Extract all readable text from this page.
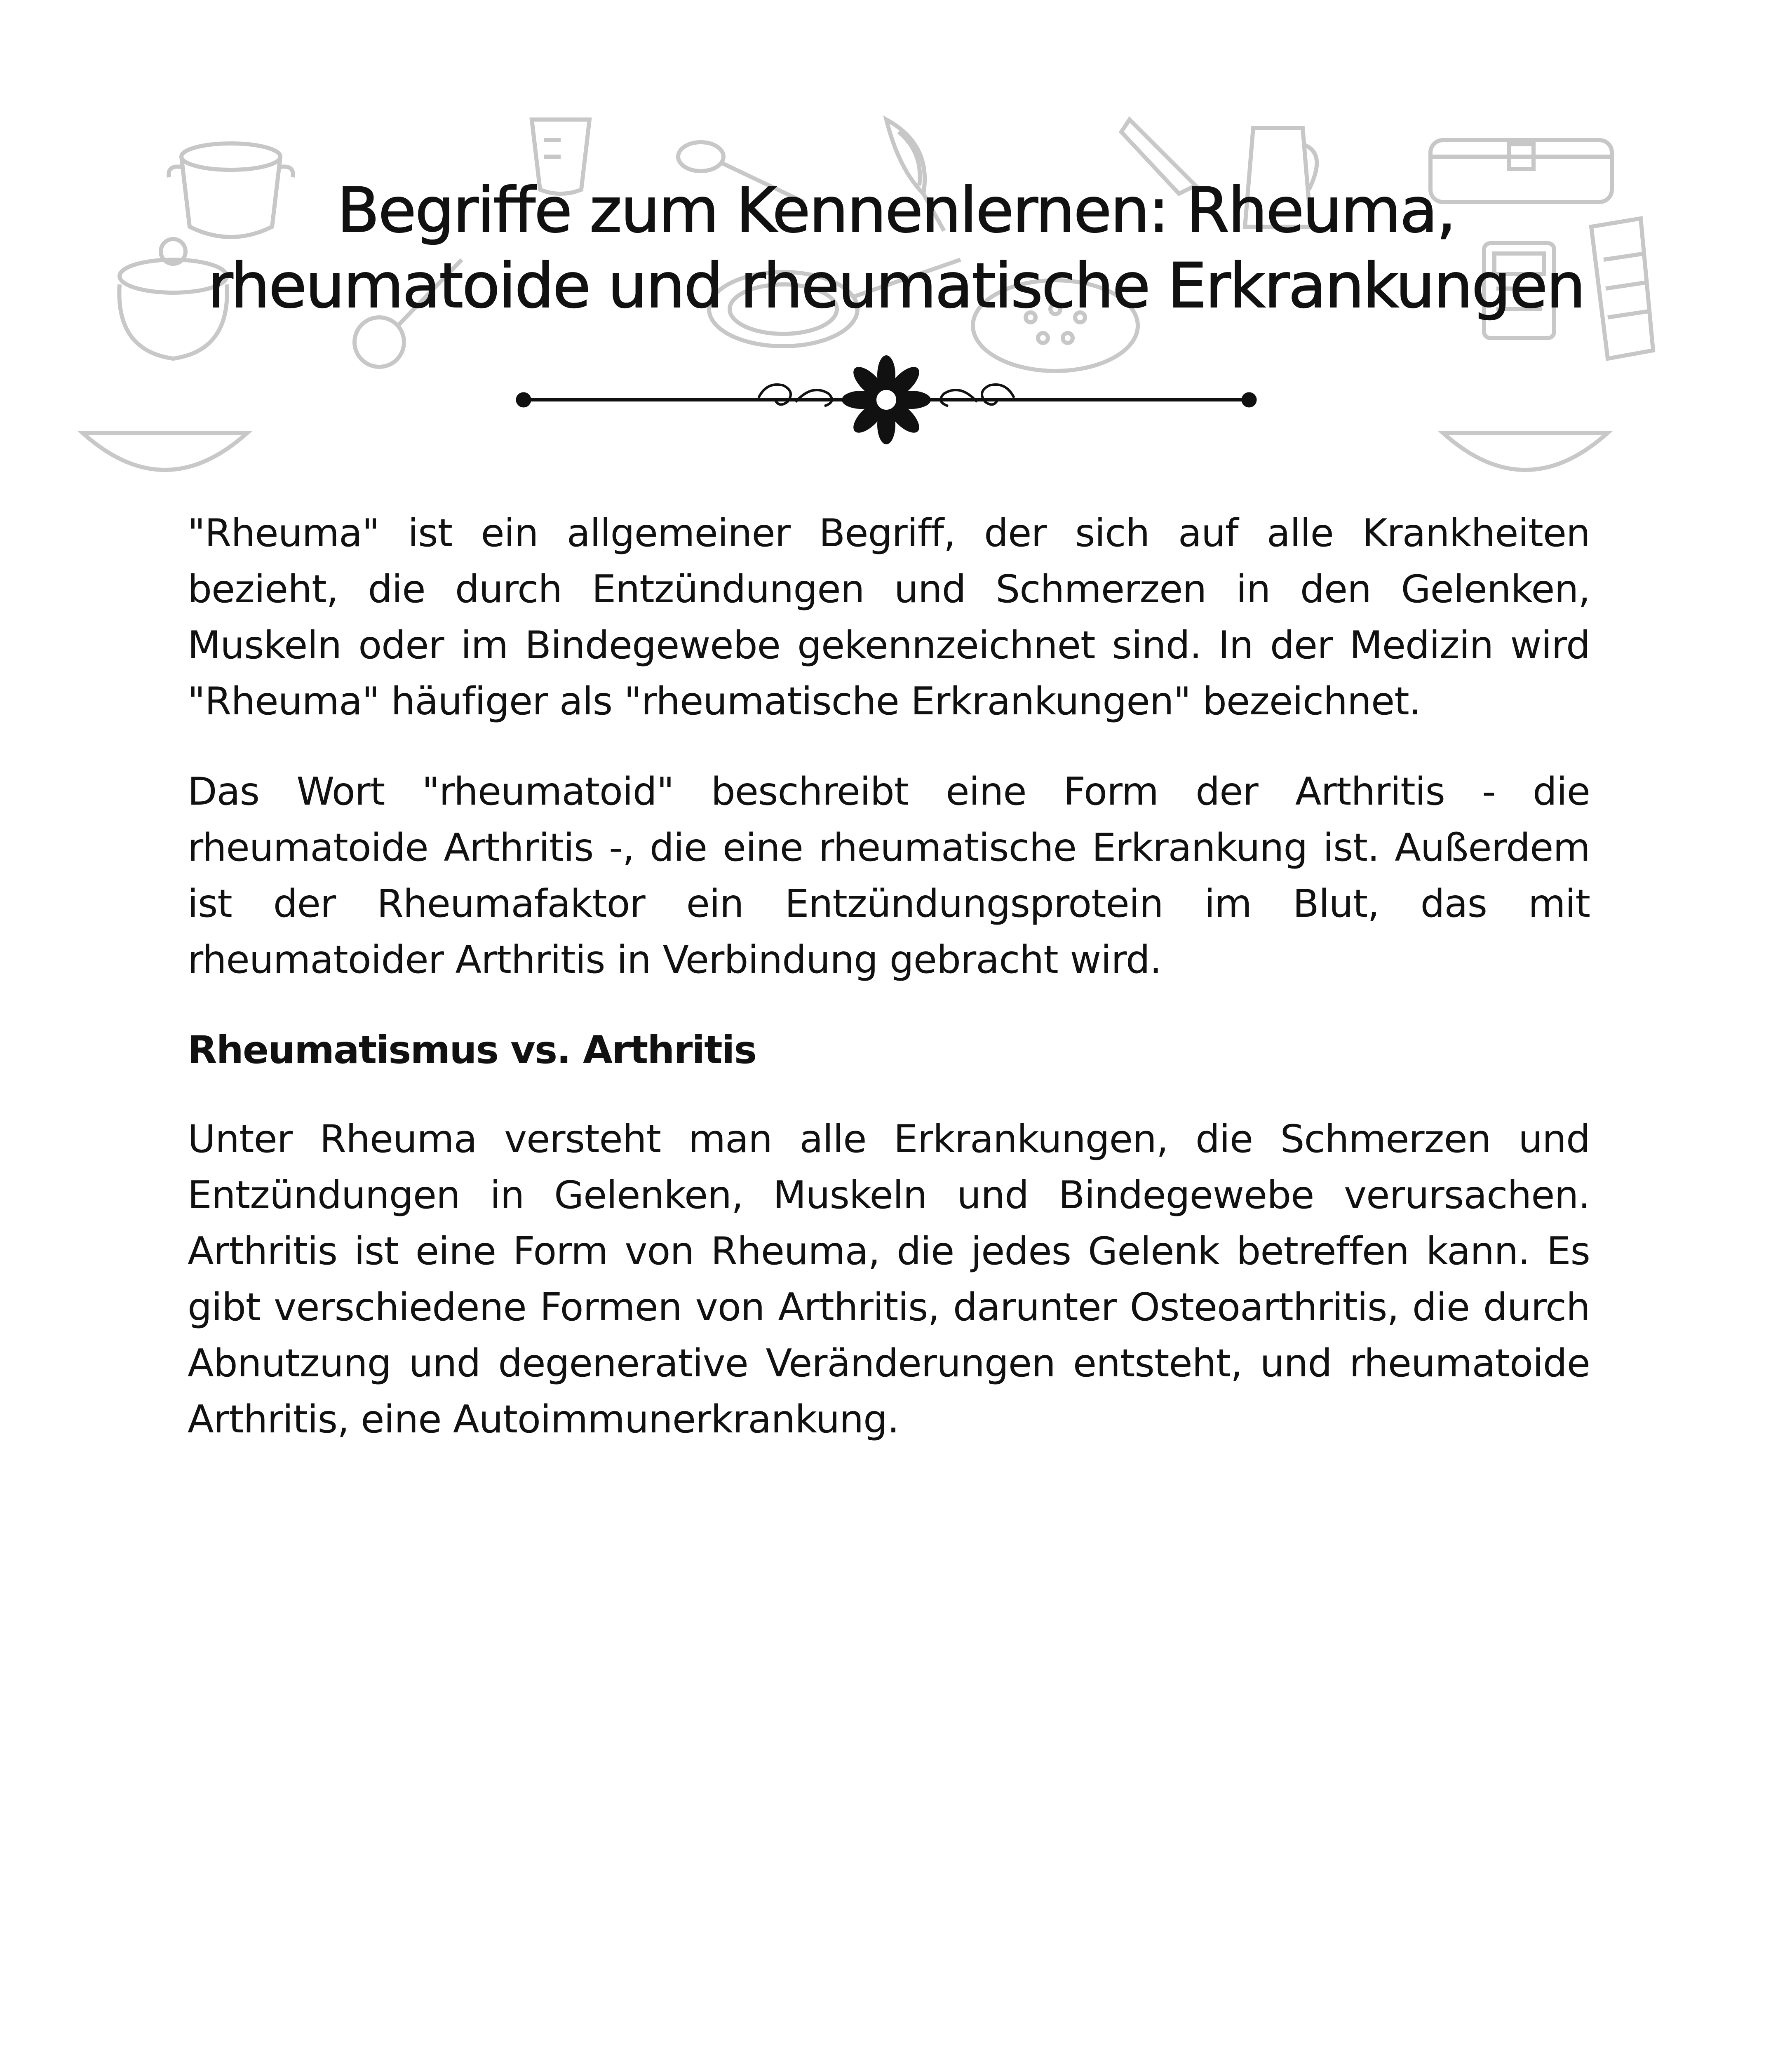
Begriffe zum Kennenlernen: Rheuma,
rheumatoide und rheumatische Erkrankungen

"Rheuma" ist ein allgemeiner Begriff, der sich auf alle Krankheiten bezieht, die durch Entzündungen und Schmerzen in den Gelenken, Muskeln oder im Bindegewebe gekennzeichnet sind. In der Medizin wird "Rheuma" häufiger als "rheumatische Erkrankungen" bezeichnet.

Das Wort "rheumatoid" beschreibt eine Form der Arthritis - die rheumatoide Arthritis -, die eine rheumatische Erkrankung ist. Außerdem ist der Rheumafaktor ein Entzündungsprotein im Blut, das mit rheumatoider Arthritis in Verbindung gebracht wird.

Rheumatismus vs. Arthritis

Unter Rheuma versteht man alle Erkrankungen, die Schmerzen und Entzündungen in Gelenken, Muskeln und Bindegewebe verursachen. Arthritis ist eine Form von Rheuma, die jedes Gelenk betreffen kann. Es gibt verschiedene Formen von Arthritis, darunter Osteoarthritis, die durch Abnutzung und degenerative Veränderungen entsteht, und rheumatoide Arthritis, eine Autoimmunerkrankung.
